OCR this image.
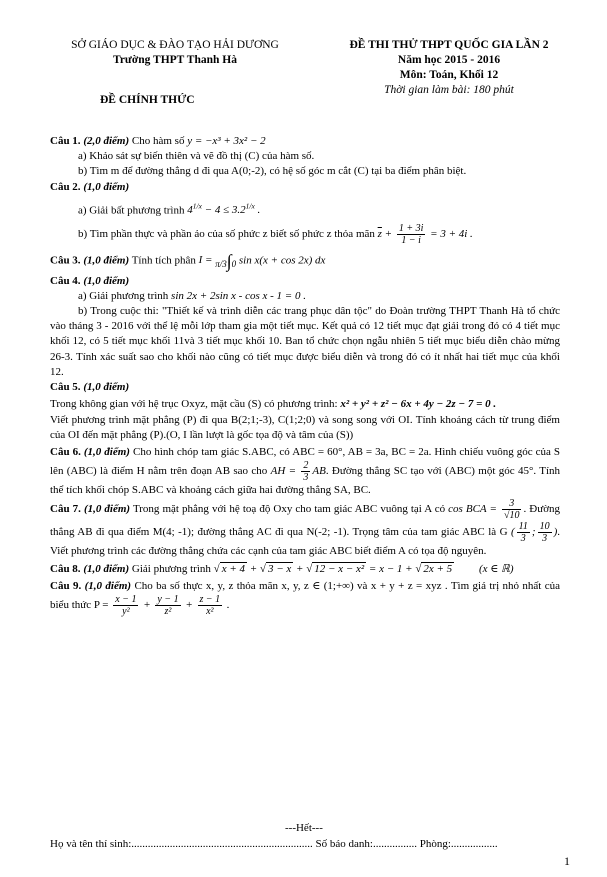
SỞ GIÁO DỤC & ĐÀO TẠO HẢI DƯƠNG
Trường THPT Thanh Hà
ĐỀ THI THỬ THPT QUỐC GIA LẦN 2
Năm học 2015 - 2016
Môn: Toán, Khối 12
Thời gian làm bài: 180 phút
ĐỀ CHÍNH THỨC

Câu 1. (2,0 điểm) Cho hàm số y = −x³ + 3x² − 2

a) Khảo sát sự biến thiên và vẽ đồ thị (C) của hàm số.

b) Tìm m để đường thẳng d đi qua A(0;-2), có hệ số góc m cắt (C) tại ba điểm phân biệt.

Câu 2. (1,0 điểm)

a) Giải bất phương trình $4^{1/x} - 4 \le 3.2^{1/x}$ .

b) Tìm phần thực và phần ảo của số phức z biết số phức z thỏa mãn $\overline{z} + \frac{1 + 3i}{1 - i} = 3 + 4i$ .

Câu 3. (1,0 điểm) Tính tích phân I = π/3∫0 sin x(x + cos 2x) dx

Câu 4. (1,0 điểm)

a) Giải phương trình sin 2x + 2sin x - cos x - 1 = 0 .

b) Trong cuộc thi: "Thiết kế và trình diễn các trang phục dân tộc" do Đoàn trường THPT Thanh Hà tổ chức vào tháng 3 - 2016 với thể lệ mỗi lớp tham gia một tiết mục. Kết quả có 12 tiết mục đạt giải trong đó có 4 tiết mục khối 12, có 5 tiết mục khối 11và 3 tiết mục khối 10. Ban tổ chức chọn ngẫu nhiên 5 tiết mục biểu diễn chào mừng 26-3. Tính xác suất sao cho khối nào cũng có tiết mục được biểu diễn và trong đó có ít nhất hai tiết mục của khối 12.

Câu 5. (1,0 điểm)

Trong không gian với hệ trục Oxyz, mặt cầu (S) có phương trình: x² + y² + z² − 6x + 4y − 2z − 7 = 0 .

Viết phương trình mặt phẳng (P) đi qua B(2;1;-3), C(1;2;0) và song song với OI. Tính khoảng cách từ trung điểm của OI đến mặt phẳng (P).(O, I lần lượt là gốc tọa độ và tâm của (S))

Câu 6. (1,0 điểm) Cho hình chóp tam giác S.ABC, có ABC = 60°, AB = 3a, BC = 2a. Hình chiếu vuông góc của S lên (ABC) là điểm H nằm trên đoạn AB sao cho AH = $\frac{2}{3}$ AB. Đường thẳng SC tạo với (ABC) một góc 45°. Tính thể tích khối chóp S.ABC và khoảng cách giữa hai đường thẳng SA, BC.

Câu 7. (1,0 điểm) Trong mặt phẳng với hệ toạ độ Oxy cho tam giác ABC vuông tại A có cos BCA = $\frac{3}{√10}$ . Đường thẳng AB đi qua điểm M(4; -1); đường thẳng AC đi qua N(-2; -1). Trọng tâm của tam giác ABC là G ( $\frac{11}{3}$ ; $\frac{10}{3}$ ). Viết phương trình các đường thẳng chứa các cạnh của tam giác ABC biết điểm A có tọa độ nguyên.

Câu 8. (1,0 điểm) Giải phương trình √ x + 4 + √ 3 − x + √ 12 − x − x² = x − 1 + √ 2x + 5 (x ∈ ℝ)

Câu 9. (1,0 điểm) Cho ba số thực x, y, z thỏa mãn x, y, z ∈ (1;+∞) và x + y + z = xyz . Tìm giá trị nhỏ nhất của biểu thức $P = \frac{x - 1}{\text{y²}} + \frac{y - 1}{\text{z²}} + \frac{z - 1}{\text{x²}}$ .

---Hết---
Họ và tên thí sinh:.................................................................. Số báo danh:................ Phòng:.................
1
